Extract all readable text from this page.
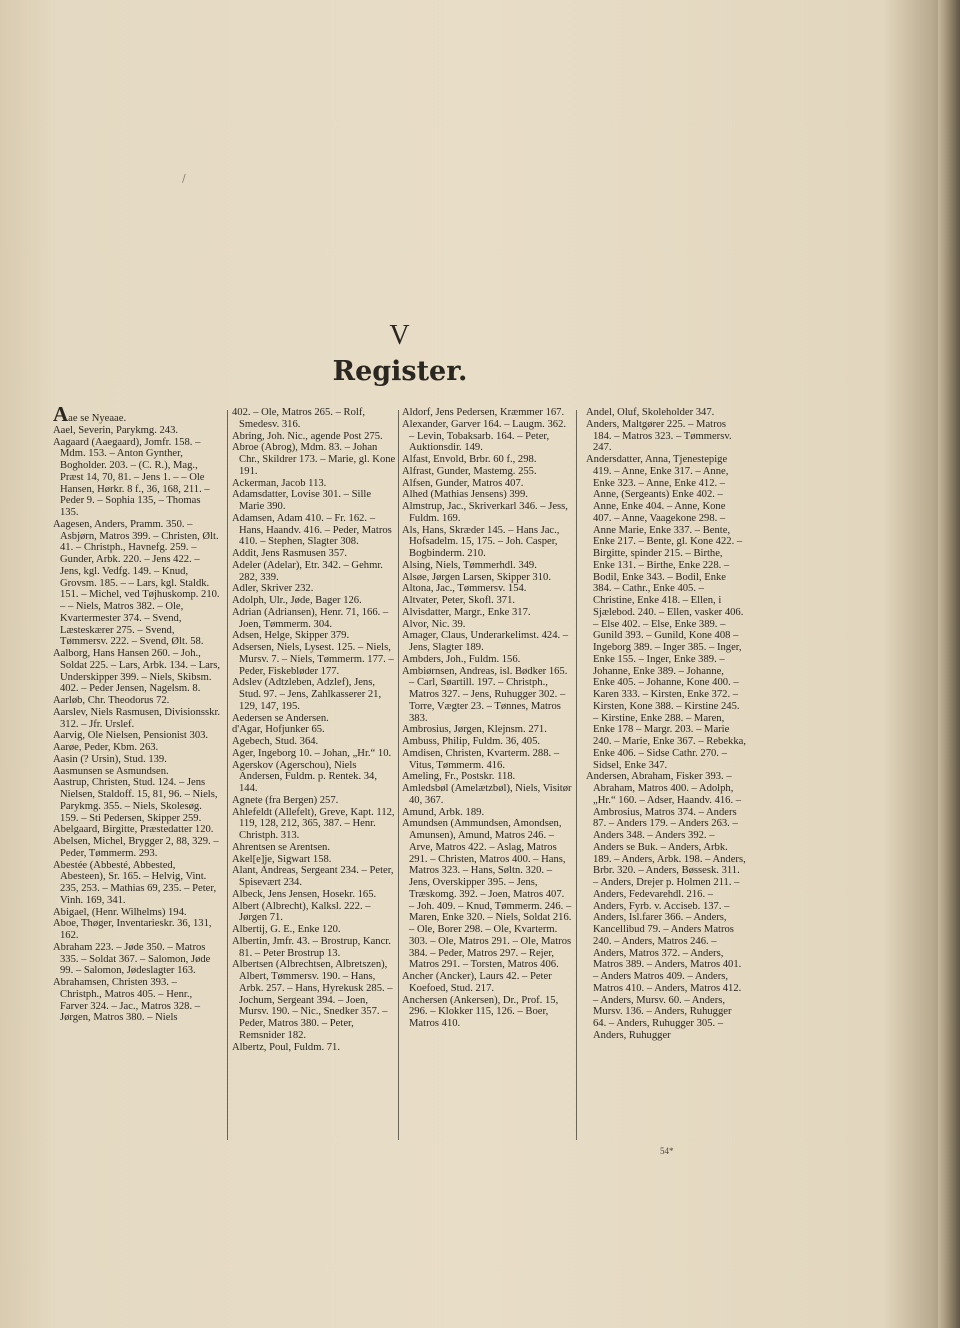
/
V
Register.

Aae se Nyeaae.

Aael, Severin, Parykmg. 243.

Aagaard (Aaegaard), Jomfr. 158. – Mdm. 153. – Anton Gynther, Bogholder. 203. – (C. R.), Mag., Præst 14, 70, 81. – Jens 1. – – Ole Hansen, Hørkr. 8 f., 36, 168, 211. – Peder 9. – Sophia 135, – Thomas 135.

Aagesen, Anders, Pramm. 350. – Asbjørn, Matros 399. – Christen, Ølt. 41. – Christph., Havnefg. 259. – Gunder, Arbk. 220. – Jens 422. – Jens, kgl. Vedfg. 149. – Knud, Grovsm. 185. – – Lars, kgl. Staldk. 151. – Michel, ved Tøjhuskomp. 210. – – Niels, Matros 382. – Ole, Kvartermester 374. – Svend, Læsteskærer 275. – Svend, Tømmersv. 222. – Svend, Ølt. 58.

Aalborg, Hans Hansen 260. – Joh., Soldat 225. – Lars, Arbk. 134. – Lars, Underskipper 399. – Niels, Skibsm. 402. – Peder Jensen, Nagelsm. 8.

Aarløb, Chr. Theodorus 72.

Aarslev, Niels Rasmusen, Divisionsskr. 312. – Jfr. Urslef.

Aarvig, Ole Nielsen, Pensionist 303.

Aarøe, Peder, Kbm. 263.

Aasin (? Ursin), Stud. 139.

Aasmunsen se Asmundsen.

Aastrup, Christen, Stud. 124. – Jens Nielsen, Staldoff. 15, 81, 96. – Niels, Parykmg. 355. – Niels, Skolesøg. 159. – Sti Pedersen, Skipper 259.

Abelgaard, Birgitte, Præstedatter 120.

Abelsen, Michel, Brygger 2, 88, 329. – Peder, Tømmerm. 293.

Abestée (Abbesté, Abbested, Abesteen), Sr. 165. – Helvig, Vint. 235, 253. – Mathias 69, 235. – Peter, Vinh. 169, 341.

Abigael, (Henr. Wilhelms) 194.

Aboe, Thøger, Inventarieskr. 36, 131, 162.

Abraham 223. – Jøde 350. – Matros 335. – Soldat 367. – Salomon, Jøde 99. – Salomon, Jødeslagter 163.

Abrahamsen, Christen 393. – Christph., Matros 405. – Henr., Farver 324. – Jac., Matros 328. – Jørgen, Matros 380. – Niels

402. – Ole, Matros 265. – Rolf, Smedesv. 316.

Abring, Joh. Nic., agende Post 275.

Abroe (Abrog), Mdm. 83. – Johan Chr., Skildrer 173. – Marie, gl. Kone 191.

Ackerman, Jacob 113.

Adamsdatter, Lovise 301. – Sille Marie 390.

Adamsen, Adam 410. – Fr. 162. – Hans, Haandv. 416. – Peder, Matros 410. – Stephen, Slagter 308.

Addit, Jens Rasmusen 357.

Adeler (Adelar), Etr. 342. – Gehmr. 282, 339.

Adler, Skriver 232.

Adolph, Ulr., Jøde, Bager 126.

Adrian (Adriansen), Henr. 71, 166. – Joen, Tømmerm. 304.

Adsen, Helge, Skipper 379.

Adsersen, Niels, Lysest. 125. – Niels, Mursv. 7. – Niels, Tømmerm. 177. – Peder, Fiskebløder 177.

Adslev (Adtzleben, Adzlef), Jens, Stud. 97. – Jens, Zahlkasserer 21, 129, 147, 195.

Aedersen se Andersen.

d'Agar, Hofjunker 65.

Agebech, Stud. 364.

Ager, Ingeborg 10. – Johan, „Hr.“ 10.

Agerskov (Agerschou), Niels Andersen, Fuldm. p. Rentek. 34, 144.

Agnete (fra Bergen) 257.

Ahlefeldt (Allefelt), Greve, Kapt. 112, 119, 128, 212, 365, 387. – Henr. Christph. 313.

Ahrentsen se Arentsen.

Akel[e]je, Sigwart 158.

Alant, Andreas, Sergeant 234. – Peter, Spisevært 234.

Albeck, Jens Jensen, Hosekr. 165.

Albert (Albrecht), Kalksl. 222. – Jørgen 71.

Albertij, G. E., Enke 120.

Albertin, Jmfr. 43. – Brostrup, Kancr. 81. – Peter Brostrup 13.

Albertsen (Albrechtsen, Albretszen), Albert, Tømmersv. 190. – Hans, Arbk. 257. – Hans, Hyrekusk 285. – Jochum, Sergeant 394. – Joen, Mursv. 190. – Nic., Snedker 357. – Peder, Matros 380. – Peter, Remsnider 182.

Albertz, Poul, Fuldm. 71.

Aldorf, Jens Pedersen, Kræmmer 167.

Alexander, Garver 164. – Laugm. 362. – Levin, Tobaksarb. 164. – Peter, Auktionsdir. 149.

Alfast, Envold, Brbr. 60 f., 298.

Alfrast, Gunder, Mastemg. 255.

Alfsen, Gunder, Matros 407.

Alhed (Mathias Jensens) 399.

Almstrup, Jac., Skriverkarl 346. – Jess, Fuldm. 169.

Als, Hans, Skræder 145. – Hans Jac., Hofsadelm. 15, 175. – Joh. Casper, Bogbinderm. 210.

Alsing, Niels, Tømmerhdl. 349.

Alsøe, Jørgen Larsen, Skipper 310.

Altona, Jac., Tømmersv. 154.

Altvater, Peter, Skofl. 371.

Alvisdatter, Margr., Enke 317.

Alvor, Nic. 39.

Amager, Claus, Underarkelimst. 424. – Jens, Slagter 189.

Ambders, Joh., Fuldm. 156.

Ambiørnsen, Andreas, isl. Bødker 165. – Carl, Søartill. 197. – Christph., Matros 327. – Jens, Ruhugger 302. – Torre, Vægter 23. – Tønnes, Matros 383.

Ambrosius, Jørgen, Klejnsm. 271.

Ambuss, Philip, Fuldm. 36, 405.

Amdisen, Christen, Kvarterm. 288. – Vitus, Tømmerm. 416.

Ameling, Fr., Postskr. 118.

Amledsbøl (Amelætzbøl), Niels, Visitør 40, 367.

Amund, Arbk. 189.

Amundsen (Ammundsen, Amondsen, Amunsen), Amund, Matros 246. – Arve, Matros 422. – Aslag, Matros 291. – Christen, Matros 400. – Hans, Matros 323. – Hans, Søltn. 320. – Jens, Overskipper 395. – Jens, Træskomg. 392. – Joen, Matros 407. – Joh. 409. – Knud, Tømmerm. 246. – Maren, Enke 320. – Niels, Soldat 216. – Ole, Borer 298. – Ole, Kvarterm. 303. – Ole, Matros 291. – Ole, Matros 384. – Peder, Matros 297. – Rejer, Matros 291. – Torsten, Matros 406.

Ancher (Ancker), Laurs 42. – Peter Koefoed, Stud. 217.

Anchersen (Ankersen), Dr., Prof. 15, 296. – Klokker 115, 126. – Boer, Matros 410.

Andel, Oluf, Skoleholder 347.

Anders, Maltgører 225. – Matros 184. – Matros 323. – Tømmersv. 247.

Andersdatter, Anna, Tjenestepige 419. – Anne, Enke 317. – Anne, Enke 323. – Anne, Enke 412. – Anne, (Sergeants) Enke 402. – Anne, Enke 404. – Anne, Kone 407. – Anne, Vaagekone 298. – Anne Marie, Enke 337. – Bente, Enke 217. – Bente, gl. Kone 422. – Birgitte, spinder 215. – Birthe, Enke 131. – Birthe, Enke 228. – Bodil, Enke 343. – Bodil, Enke 384. – Cathr., Enke 405. – Christine, Enke 418. – Ellen, i Sjælebod. 240. – Ellen, vasker 406. – Else 402. – Else, Enke 389. – Gunild 393. – Gunild, Kone 408 – Ingeborg 389. – Inger 385. – Inger, Enke 155. – Inger, Enke 389. – Johanne, Enke 389. – Johanne, Enke 405. – Johanne, Kone 400. – Karen 333. – Kirsten, Enke 372. – Kirsten, Kone 388. – Kirstine 245. – Kirstine, Enke 288. – Maren, Enke 178 – Margr. 203. – Marie 240. – Marie, Enke 367. – Rebekka, Enke 406. – Sidse Cathr. 270. – Sidsel, Enke 347.

Andersen, Abraham, Fisker 393. – Abraham, Matros 400. – Adolph, „Hr.“ 160. – Adser, Haandv. 416. – Ambrosius, Matros 374. – Anders 87. – Anders 179. – Anders 263. – Anders 348. – Anders 392. – Anders se Buk. – Anders, Arbk. 189. – Anders, Arbk. 198. – Anders, Brbr. 320. – Anders, Bøssesk. 311. – Anders, Drejer p. Holmen 211. – Anders, Fedevarehdl. 216. – Anders, Fyrb. v. Acciseb. 137. – Anders, Isl.farer 366. – Anders, Kancellibud 79. – Anders Matros 240. – Anders, Matros 246. – Anders, Matros 372. – Anders, Matros 389. – Anders, Matros 401. – Anders Matros 409. – Anders, Matros 410. – Anders, Matros 412. – Anders, Mursv. 60. – Anders, Mursv. 136. – Anders, Ruhugger 64. – Anders, Ruhugger 305. – Anders, Ruhugger

54*
